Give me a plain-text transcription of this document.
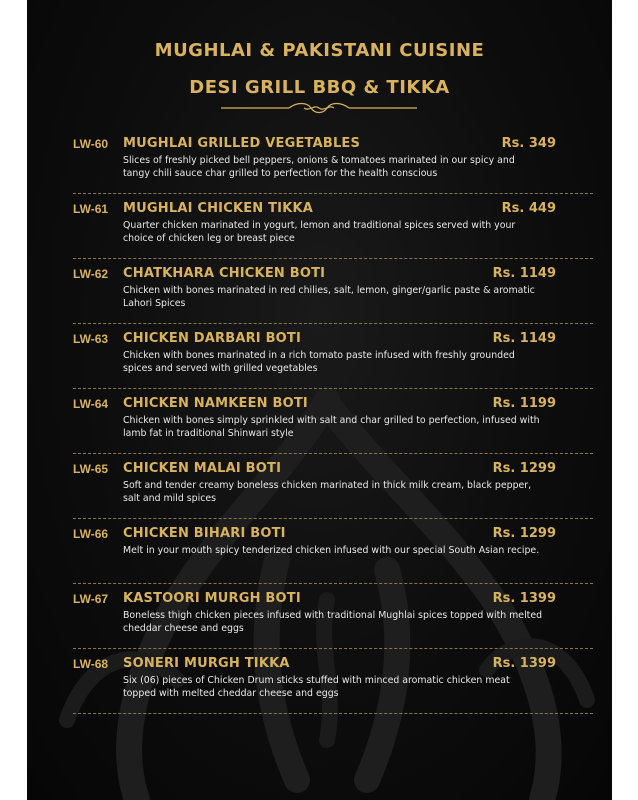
MUGHLAI & PAKISTANI CUISINE
DESI GRILL BBQ & TIKKA
LW-60 MUGHLAI GRILLED VEGETABLES	Rs. 349
Slices of freshly picked bell peppers, onions & tomatoes marinated in our spicy and tangy chili sauce char grilled to perfection for the health conscious
LW-61 MUGHLAI CHICKEN TIKKA	Rs. 449
Quarter chicken marinated in yogurt, lemon and traditional spices served with your choice of chicken leg or breast piece
LW-62 CHATKHARA CHICKEN BOTI	Rs. 1149
Chicken with bones marinated in red chilies, salt, lemon, ginger/garlic paste & aromatic Lahori Spices
LW-63 CHICKEN DARBARI BOTI	Rs. 1149
Chicken with bones marinated in a rich tomato paste infused with freshly grounded spices and served with grilled vegetables
LW-64 CHICKEN NAMKEEN BOTI	Rs. 1199
Chicken with bones simply sprinkled with salt and char grilled to perfection, infused with lamb fat in traditional Shinwari style
LW-65 CHICKEN MALAI BOTI	Rs. 1299
Soft and tender creamy boneless chicken marinated in thick milk cream, black pepper, salt and mild spices
LW-66 CHICKEN BIHARI BOTI	Rs. 1299
Melt in your mouth spicy tenderized chicken infused with our special South Asian recipe.
LW-67 KASTOORI MURGH BOTI	Rs. 1399
Boneless thigh chicken pieces infused with traditional Mughlai spices topped with melted cheddar cheese and eggs
LW-68 SONERI MURGH TIKKA	Rs. 1399
Six (06) pieces of Chicken Drum sticks stuffed with minced aromatic chicken meat topped with melted cheddar cheese and eggs
